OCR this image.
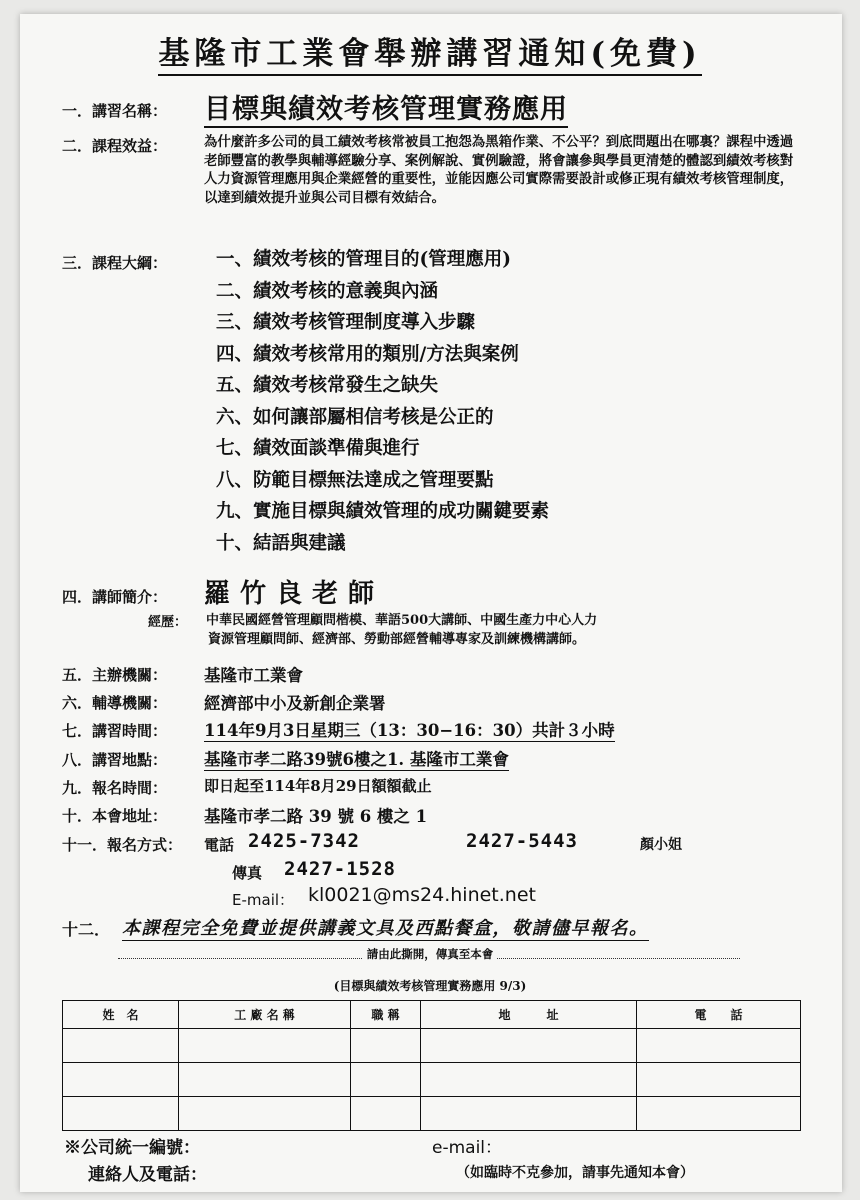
基隆市工業會舉辦講習通知(免費)
一．講習名稱： 目標與績效考核管理實務應用
二．課程效益：	為什麼許多公司的員工績效考核常被員工抱怨為黑箱作業、不公平？到底問題出在哪裏？課程中透過老師豐富的教學與輔導經驗分享、案例解說、實例驗證，將會讓參與學員更清楚的體認到績效考核對人力資源管理應用與企業經營的重要性，並能因應公司實際需要設計或修正現有績效考核管理制度，以達到績效提升並與公司目標有效結合。
三．課程大綱：	一、績效考核的管理目的(管理應用)
二、績效考核的意義與內涵
三、績效考核管理制度導入步驟
四、績效考核常用的類別/方法與案例
五、績效考核常發生之缺失
六、如何讓部屬相信考核是公正的
七、績效面談準備與進行
八、防範目標無法達成之管理要點
九、實施目標與績效管理的成功關鍵要素
十、結語與建議
四．講師簡介： 羅竹良老師
經歷： 中華民國經營管理顧問楷模、華語500大講師、中國生產力中心人力
資源管理顧問師、經濟部、勞動部經營輔導專家及訓練機構講師。
五．主辦機關： 基隆市工業會
六．輔導機關： 經濟部中小及新創企業署
七．講習時間： 114年9月3日星期三（13：30−16：30）共計３小時
八．講習地點： 基隆市孝二路39號6樓之1. 基隆市工業會
九．報名時間： 即日起至114年8月29日額額截止
十．本會地址： 基隆市孝二路 39 號 6 樓之 1
十一．報名方式： 電話 2425-7342	2427-5443	顏小姐
傳真 2427-1528
E-mail： kl0021@ms24.hinet.net
十二． 本課程完全免費並提供講義文具及西點餐盒，敬請儘早報名。
請由此撕開，傳真至本會
(目標與績效考核管理實務應用 9/3)
姓　名	工 廠 名 稱	職 稱	地　　　址	電　　話

※公司統一編號：
連絡人及電話：
e-mail：
（如臨時不克參加，請事先通知本會）
